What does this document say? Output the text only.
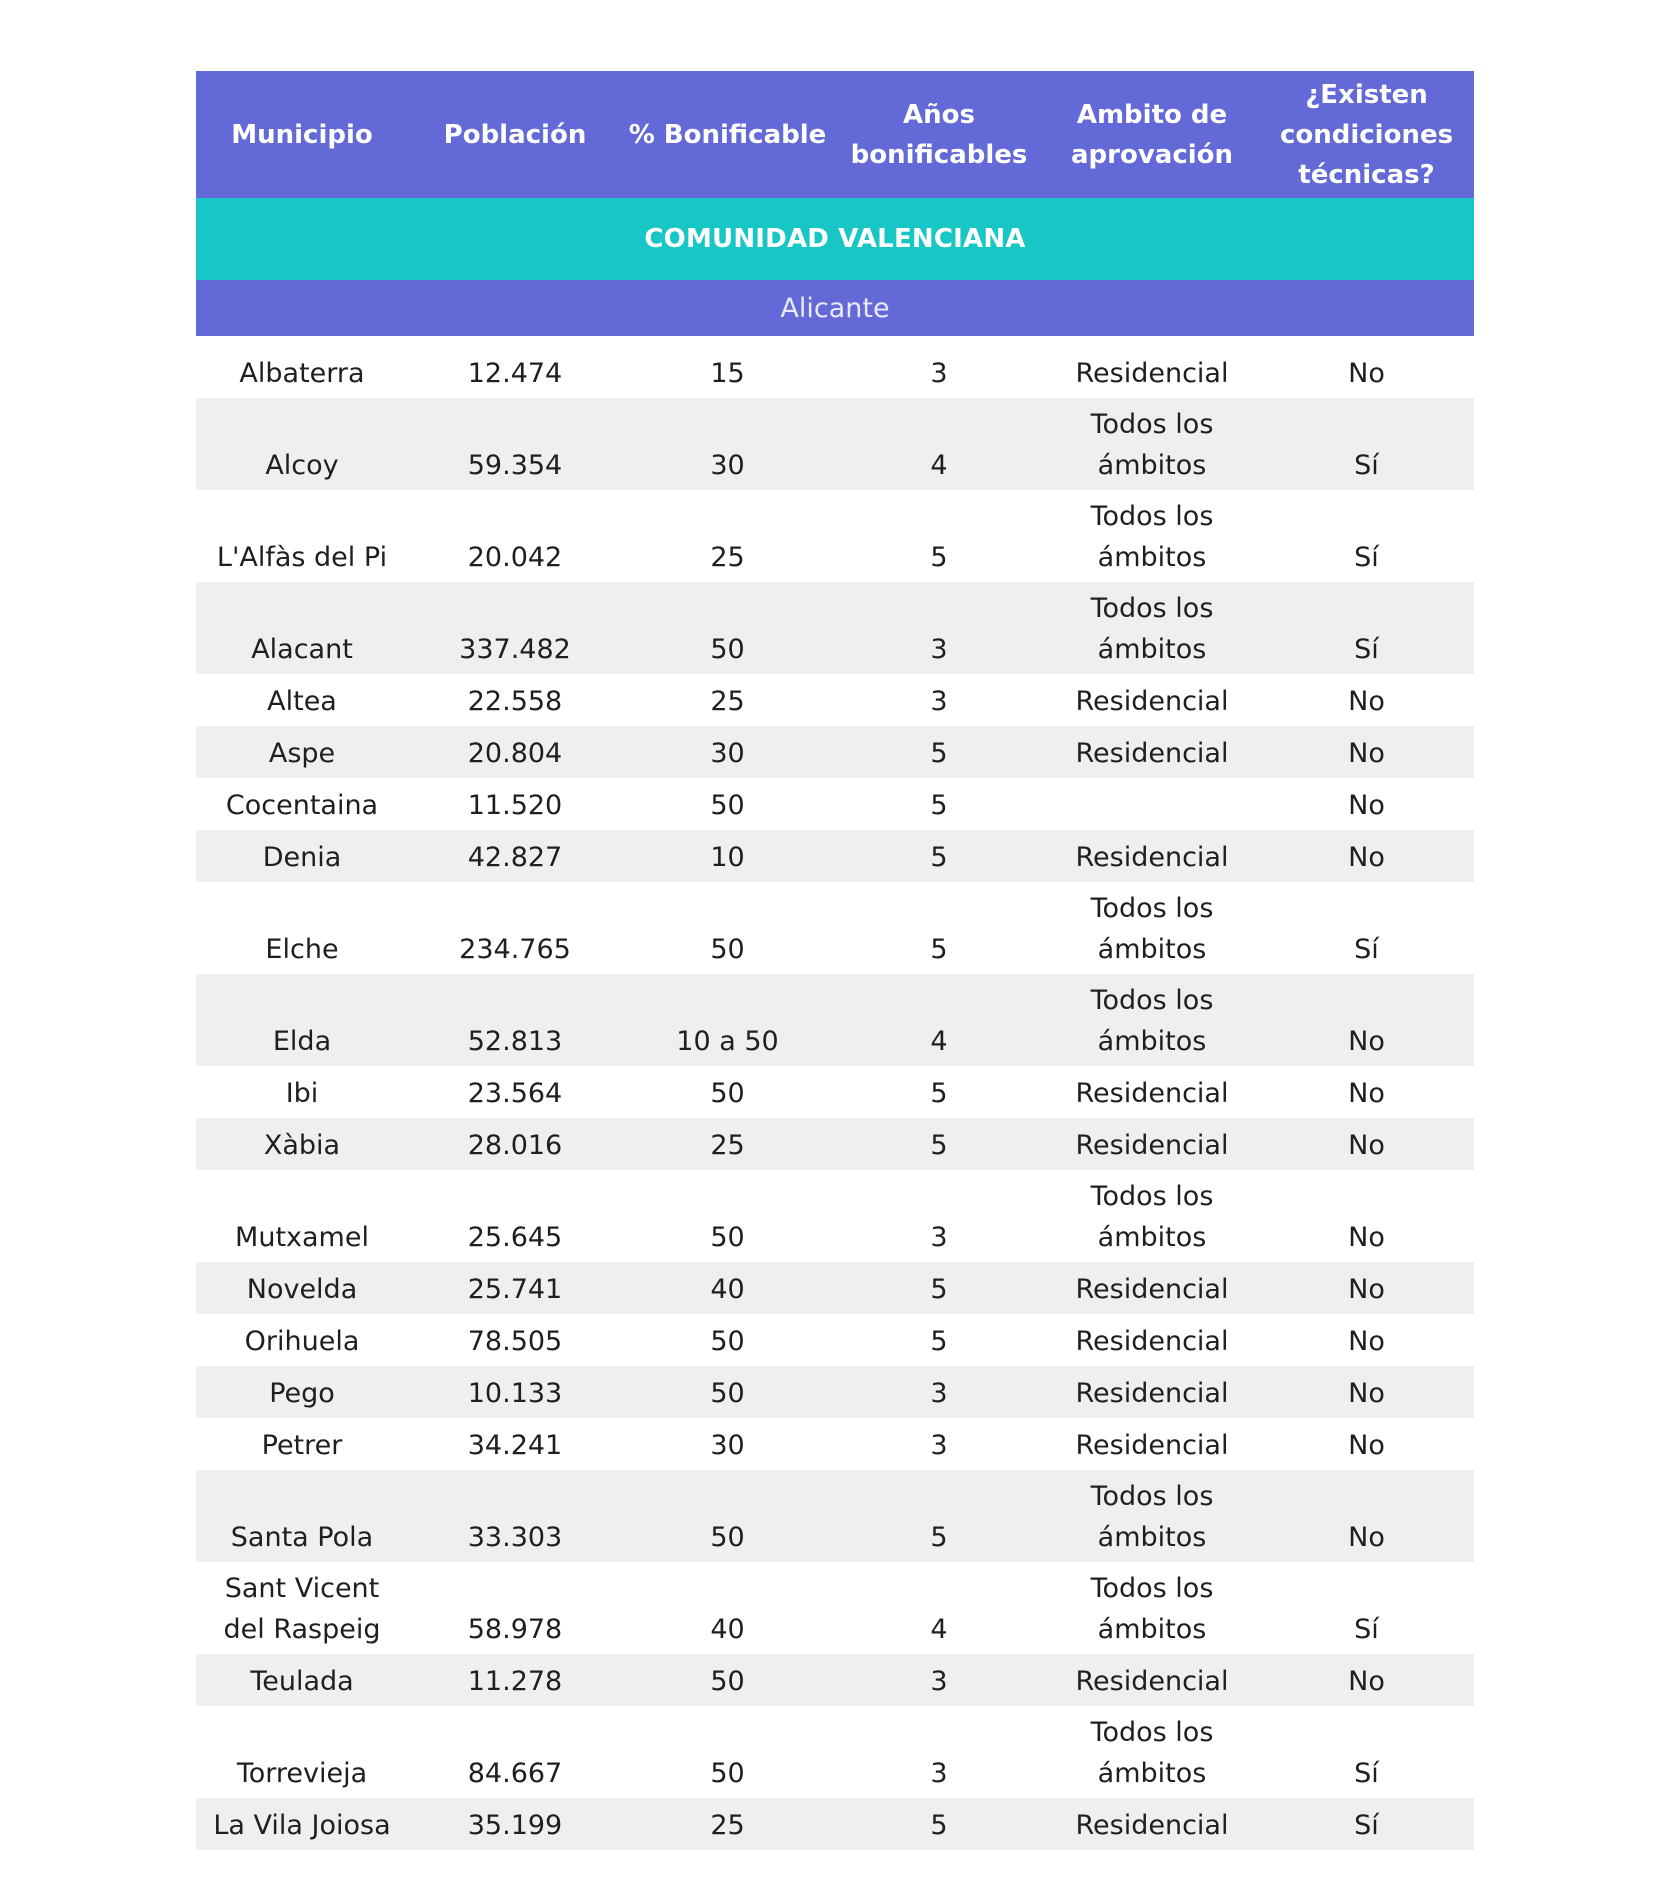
Municipio	Población	% Bonificable	Años bonificables	Ambito de aprovación	¿Existen condiciones técnicas?
COMUNIDAD VALENCIANA					
Alicante					
Albaterra	12.474	15	3	Residencial	No
Alcoy	59.354	30	4	Todos los ámbitos	Sí
L'Alfàs del Pi	20.042	25	5	Todos los ámbitos	Sí
Alacant	337.482	50	3	Todos los ámbitos	Sí
Altea	22.558	25	3	Residencial	No
Aspe	20.804	30	5	Residencial	No
Cocentaina	11.520	50	5		No
Denia	42.827	10	5	Residencial	No
Elche	234.765	50	5	Todos los ámbitos	Sí
Elda	52.813	10 a 50	4	Todos los ámbitos	No
Ibi	23.564	50	5	Residencial	No
Xàbia	28.016	25	5	Residencial	No
Mutxamel	25.645	50	3	Todos los ámbitos	No
Novelda	25.741	40	5	Residencial	No
Orihuela	78.505	50	5	Residencial	No
Pego	10.133	50	3	Residencial	No
Petrer	34.241	30	3	Residencial	No
Santa Pola	33.303	50	5	Todos los ámbitos	No
Sant Vicent del Raspeig	58.978	40	4	Todos los ámbitos	Sí
Teulada	11.278	50	3	Residencial	No
Torrevieja	84.667	50	3	Todos los ámbitos	Sí
La Vila Joiosa	35.199	25	5	Residencial	Sí
